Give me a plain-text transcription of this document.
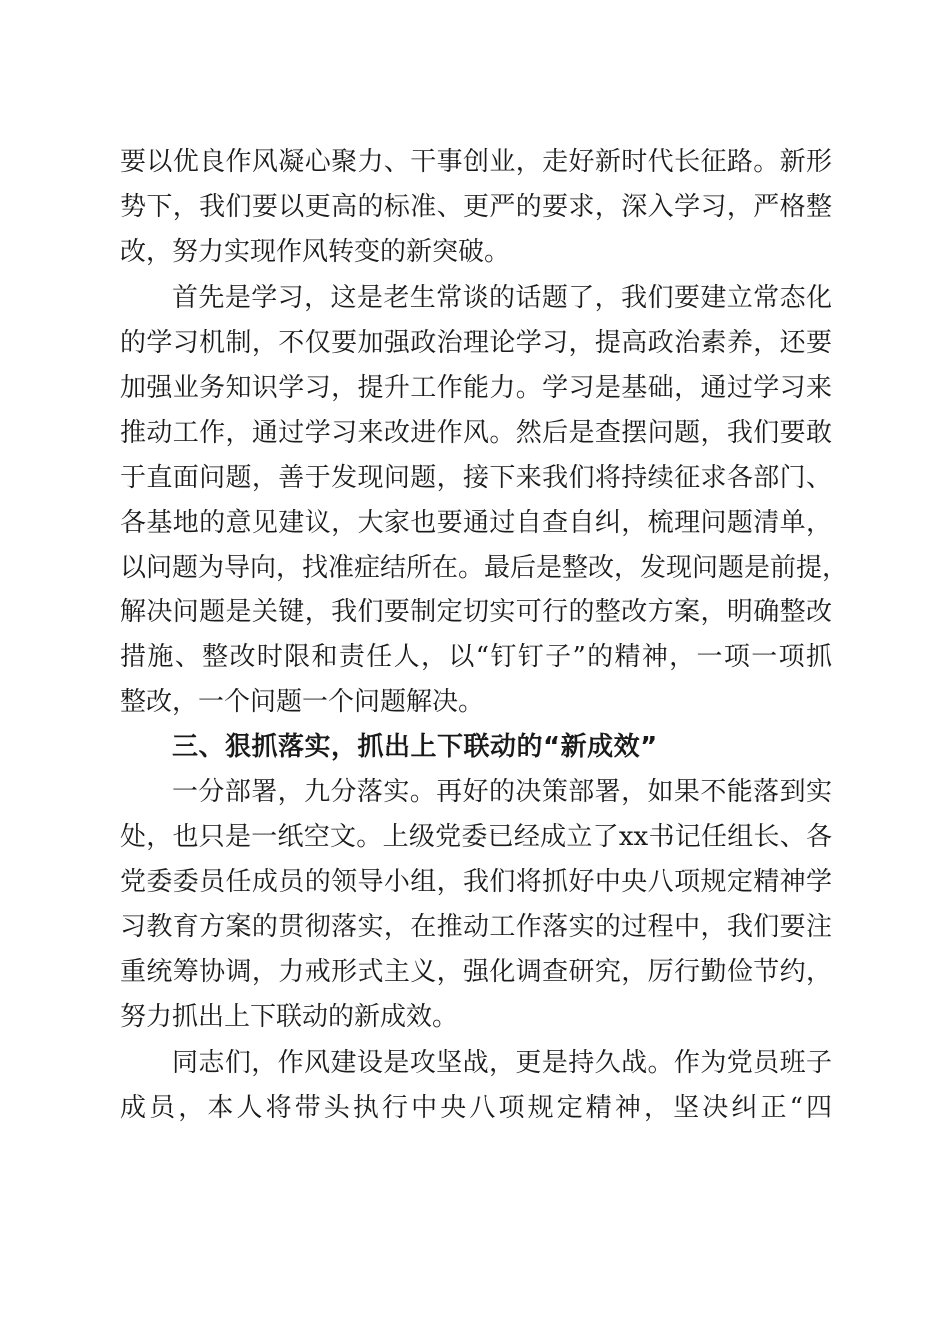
要以优良作风凝心聚力、干事创业，走好新时代长征路。新形
势下，我们要以更高的标准、更严的要求，深入学习，严格整
改，努力实现作风转变的新突破。
首先是学习，这是老生常谈的话题了，我们要建立常态化
的学习机制，不仅要加强政治理论学习，提高政治素养，还要
加强业务知识学习，提升工作能力。学习是基础，通过学习来
推动工作，通过学习来改进作风。然后是查摆问题，我们要敢
于直面问题，善于发现问题，接下来我们将持续征求各部门、
各基地的意见建议，大家也要通过自查自纠，梳理问题清单，
以问题为导向，找准症结所在。最后是整改，发现问题是前提，
解决问题是关键，我们要制定切实可行的整改方案，明确整改
措施、整改时限和责任人，以“钉钉子”的精神，一项一项抓
整改，一个问题一个问题解决。
三、狠抓落实，抓出上下联动的“新成效”
一分部署，九分落实。再好的决策部署，如果不能落到实
处，也只是一纸空文。上级党委已经成立了xx书记任组长、各
党委委员任成员的领导小组，我们将抓好中央八项规定精神学
习教育方案的贯彻落实，在推动工作落实的过程中，我们要注
重统筹协调，力戒形式主义，强化调查研究，厉行勤俭节约，
努力抓出上下联动的新成效。
同志们，作风建设是攻坚战，更是持久战。作为党员班子
成员，本人将带头执行中央八项规定精神，坚决纠正“四
